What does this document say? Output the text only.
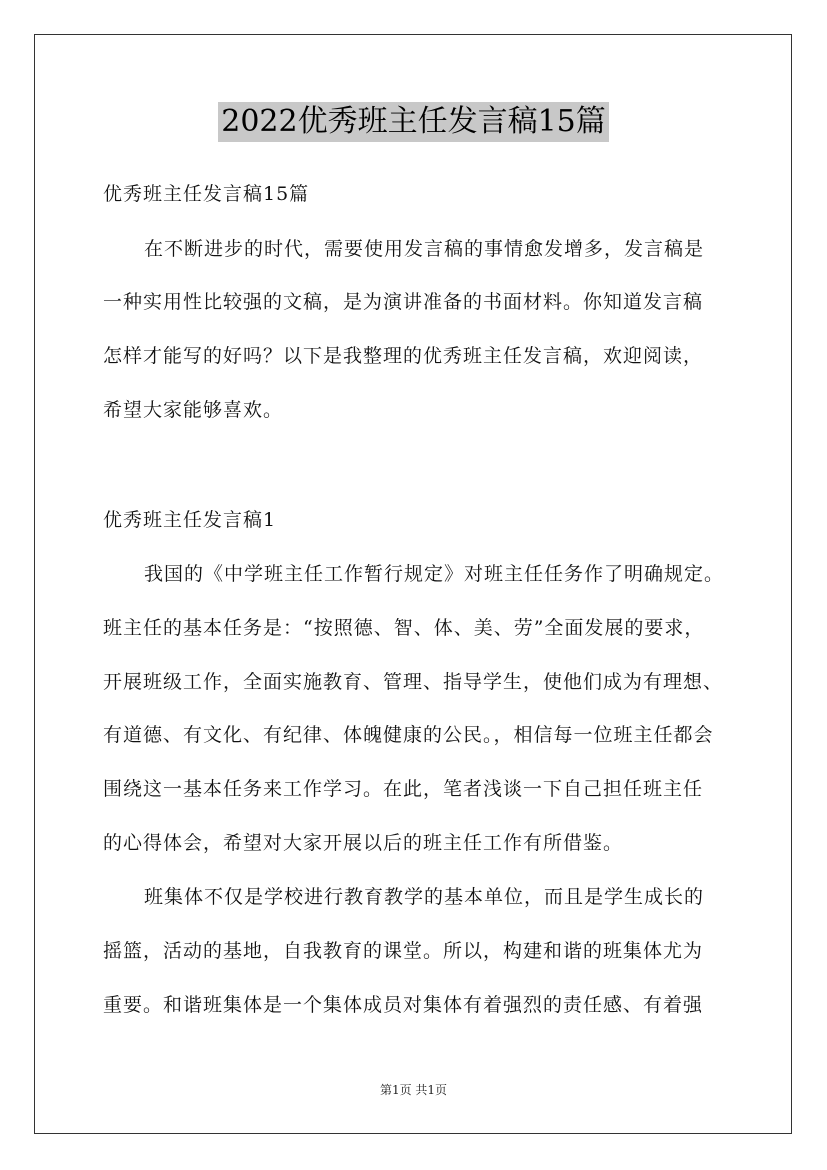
2022优秀班主任发言稿15篇
优秀班主任发言稿15篇
在不断进步的时代，需要使用发言稿的事情愈发增多，发言稿是
一种实用性比较强的文稿，是为演讲准备的书面材料。你知道发言稿
怎样才能写的好吗？以下是我整理的优秀班主任发言稿，欢迎阅读，
希望大家能够喜欢。
优秀班主任发言稿1
我国的《中学班主任工作暂行规定》对班主任任务作了明确规定。
班主任的基本任务是：“按照德、智、体、美、劳”全面发展的要求，
开展班级工作，全面实施教育、管理、指导学生，使他们成为有理想、
有道德、有文化、有纪律、体魄健康的公民。，相信每一位班主任都会
围绕这一基本任务来工作学习。在此，笔者浅谈一下自己担任班主任
的心得体会，希望对大家开展以后的班主任工作有所借鉴。
班集体不仅是学校进行教育教学的基本单位，而且是学生成长的
摇篮，活动的基地，自我教育的课堂。所以，构建和谐的班集体尤为
重要。和谐班集体是一个集体成员对集体有着强烈的责任感、有着强
第1页 共1页
